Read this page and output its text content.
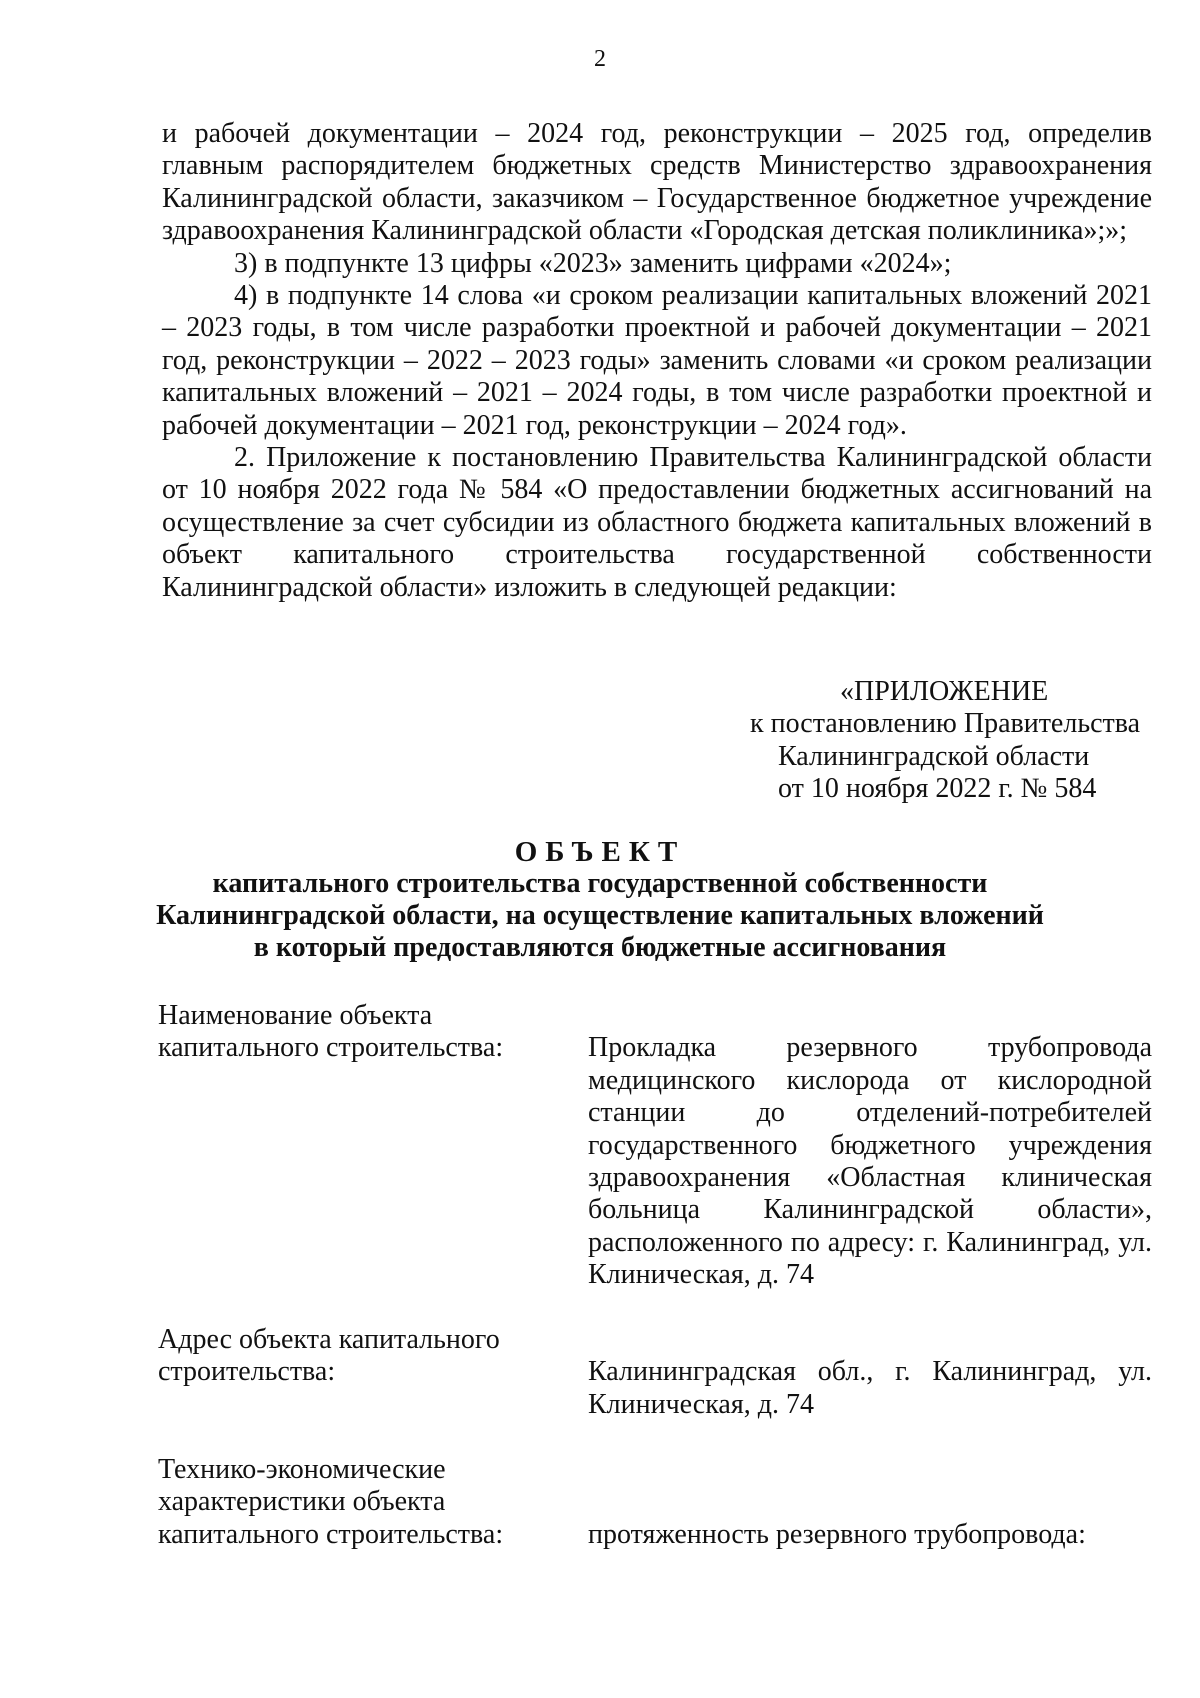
2

и рабочей документации – 2024 год, реконструкции – 2025 год, определив главным распорядителем бюджетных средств Министерство здравоохранения Калининградской области, заказчиком – Государственное бюджетное учреждение здравоохранения Калининградской области «Городская детская поликлиника»;»;

3) в подпункте 13 цифры «2023» заменить цифрами «2024»;

4) в подпункте 14 слова «и сроком реализации капитальных вложений 2021 – 2023 годы, в том числе разработки проектной и рабочей документации – 2021 год, реконструкции – 2022 – 2023 годы» заменить словами «и сроком реализации капитальных вложений – 2021 – 2024 годы, в том числе разработки проектной и рабочей документации – 2021 год, реконструкции – 2024 год».

2. Приложение к постановлению Правительства Калининградской области от 10 ноября 2022 года № 584 «О предоставлении бюджетных ассигнований на осуществление за счет субсидии из областного бюджета капитальных вложений в объект капитального строительства государственной собственности Калининградской области» изложить в следующей редакции:

«ПРИЛОЖЕНИЕ
к постановлению Правительства
Калининградской области
от 10 ноября 2022 г. № 584
ОБЪЕКТ
капитального строительства государственной собственности
Калининградской области, на осуществление капитальных вложений
в который предоставляются бюджетные ассигнования
Наименование объекта
капитального строительства:	Прокладка резервного трубопровода медицинского кислорода от кислородной станции до отделений-потребителей государственного бюджетного учреждения здравоохранения «Областная клиническая больница Калининградской области», расположенного по адресу: г. Калининград, ул. Клиническая, д. 74
Адрес объекта капитального
строительства:	Калининградская обл., г. Калининград, ул. Клиническая, д. 74
Технико-экономические
характеристики объекта
капитального строительства:	протяженность резервного трубопровода:
